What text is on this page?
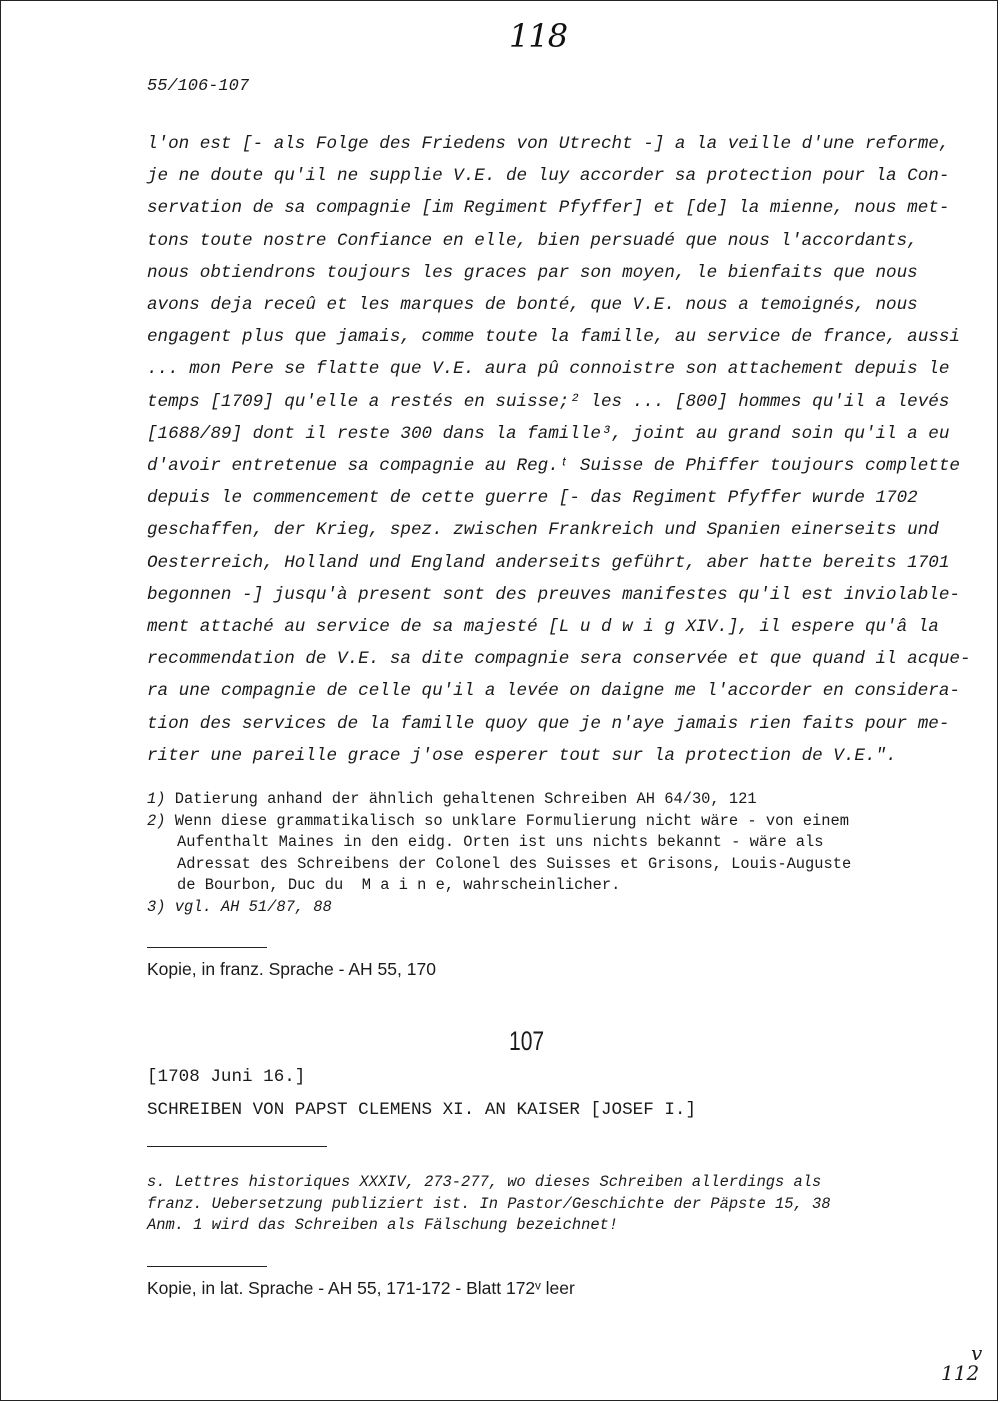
118
55/106-107
l'on est [- als Folge des Friedens von Utrecht -] a la veille d'une reforme,
je ne doute qu'il ne supplie V.E. de luy accorder sa protection pour la Con-
servation de sa compagnie [im Regiment Pfyffer] et [de] la mienne, nous met-
tons toute nostre Confiance en elle, bien persuadé que nous l'accordants,
nous obtiendrons toujours les graces par son moyen, le bienfaits que nous
avons deja receû et les marques de bonté, que V.E. nous a temoignés, nous
engagent plus que jamais, comme toute la famille, au service de france, aussi
... mon Pere se flatte que V.E. aura pû connoistre son attachement depuis le
temps [1709] qu'elle a restés en suisse;² les ... [800] hommes qu'il a levés
[1688/89] dont il reste 300 dans la famille³, joint au grand soin qu'il a eu
d'avoir entretenue sa compagnie au Reg.ᵗ Suisse de Phiffer toujours complette
depuis le commencement de cette guerre [- das Regiment Pfyffer wurde 1702
geschaffen, der Krieg, spez. zwischen Frankreich und Spanien einerseits und
Oesterreich, Holland und England anderseits geführt, aber hatte bereits 1701
begonnen -] jusqu'à present sont des preuves manifestes qu'il est inviolable-
ment attaché au service de sa majesté [L u d w i g XIV.], il espere qu'â la
recommendation de V.E. sa dite compagnie sera conservée et que quand il acque-
ra une compagnie de celle qu'il a levée on daigne me l'accorder en considera-
tion des services de la famille quoy que je n'aye jamais rien faits pour me-
riter une pareille grace j'ose esperer tout sur la protection de V.E.".
1) Datierung anhand der ähnlich gehaltenen Schreiben AH 64/30, 121
2) Wenn diese grammatikalisch so unklare Formulierung nicht wäre - von einem
Aufenthalt Maines in den eidg. Orten ist uns nichts bekannt - wäre als
Adressat des Schreibens der Colonel des Suisses et Grisons, Louis-Auguste
de Bourbon, Duc du  M a i n e, wahrscheinlicher.
3) vgl. AH 51/87, 88
Kopie, in franz. Sprache - AH 55, 170
107
[1708 Juni 16.]
SCHREIBEN VON PAPST CLEMENS XI. AN KAISER [JOSEF I.]
s. Lettres historiques XXXIV, 273-277, wo dieses Schreiben allerdings als
franz. Uebersetzung publiziert ist. In Pastor/Geschichte der Päpste 15, 38
Anm. 1 wird das Schreiben als Fälschung bezeichnet!
Kopie, in lat. Sprache - AH 55, 171-172 - Blatt 172ᵛ leer
v
112
